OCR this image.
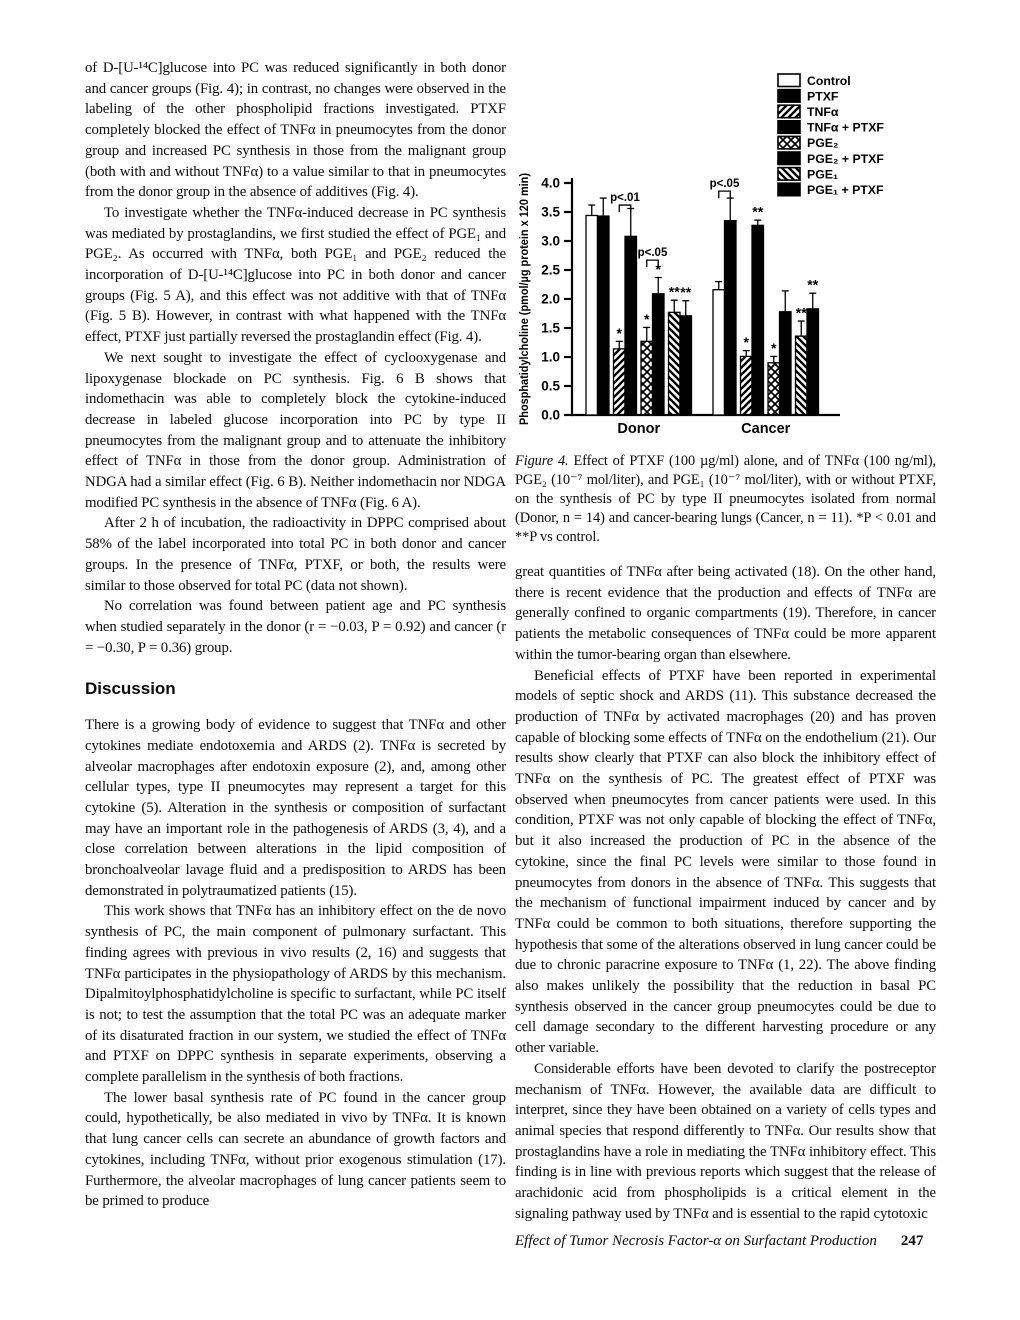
of D-[U-¹⁴C]glucose into PC was reduced significantly in both donor and cancer groups (Fig. 4); in contrast, no changes were observed in the labeling of the other phospholipid fractions investigated. PTXF completely blocked the effect of TNFα in pneumocytes from the donor group and increased PC synthesis in those from the malignant group (both with and without TNFα) to a value similar to that in pneumocytes from the donor group in the absence of additives (Fig. 4).

To investigate whether the TNFα-induced decrease in PC synthesis was mediated by prostaglandins, we first studied the effect of PGE₁ and PGE₂. As occurred with TNFα, both PGE₁ and PGE₂ reduced the incorporation of D-[U-¹⁴C]glucose into PC in both donor and cancer groups (Fig. 5 A), and this effect was not additive with that of TNFα (Fig. 5 B). However, in contrast with what happened with the TNFα effect, PTXF just partially reversed the prostaglandin effect (Fig. 4).

We next sought to investigate the effect of cyclooxygenase and lipoxygenase blockade on PC synthesis. Fig. 6 B shows that indomethacin was able to completely block the cytokine-induced decrease in labeled glucose incorporation into PC by type II pneumocytes from the malignant group and to attenuate the inhibitory effect of TNFα in those from the donor group. Administration of NDGA had a similar effect (Fig. 6 B). Neither indomethacin nor NDGA modified PC synthesis in the absence of TNFα (Fig. 6 A).

After 2 h of incubation, the radioactivity in DPPC comprised about 58% of the label incorporated into total PC in both donor and cancer groups. In the presence of TNFα, PTXF, or both, the results were similar to those observed for total PC (data not shown).

No correlation was found between patient age and PC synthesis when studied separately in the donor (r = −0.03, P = 0.92) and cancer (r = −0.30, P = 0.36) group.

Discussion

There is a growing body of evidence to suggest that TNFα and other cytokines mediate endotoxemia and ARDS (2). TNFα is secreted by alveolar macrophages after endotoxin exposure (2), and, among other cellular types, type II pneumocytes may represent a target for this cytokine (5). Alteration in the synthesis or composition of surfactant may have an important role in the pathogenesis of ARDS (3, 4), and a close correlation between alterations in the lipid composition of bronchoalveolar lavage fluid and a predisposition to ARDS has been demonstrated in polytraumatized patients (15).

This work shows that TNFα has an inhibitory effect on the de novo synthesis of PC, the main component of pulmonary surfactant. This finding agrees with previous in vivo results (2, 16) and suggests that TNFα participates in the physiopathology of ARDS by this mechanism. Dipalmitoylphosphatidylcholine is specific to surfactant, while PC itself is not; to test the assumption that the total PC was an adequate marker of its disaturated fraction in our system, we studied the effect of TNFα and PTXF on DPPC synthesis in separate experiments, observing a complete parallelism in the synthesis of both fractions.

The lower basal synthesis rate of PC found in the cancer group could, hypothetically, be also mediated in vivo by TNFα. It is known that lung cancer cells can secrete an abundance of growth factors and cytokines, including TNFα, without prior exogenous stimulation (17). Furthermore, the alveolar macrophages of lung cancer patients seem to be primed to produce

0.0
0.5
1.0
1.5
2.0
2.5
3.0
3.5
4.0
Phosphatidylcholine (pmol/µg protein x 120 min)	*
*
*
** **
Donor
*
**
*
**
**
Cancer
p<.01
p<.05
p<.05
Control
PTXF
TNFα
TNFα + PTXF
PGE₂
PGE₂ + PTXF
PGE₁
PGE₁ + PTXF

Figure 4. Effect of PTXF (100 µg/ml) alone, and of TNFα (100 ng/ml), PGE₂ (10⁻⁷ mol/liter), and PGE₁ (10⁻⁷ mol/liter), with or without PTXF, on the synthesis of PC by type II pneumocytes isolated from normal (Donor, n = 14) and cancer-bearing lungs (Cancer, n = 11). *P < 0.01 and **P vs control.

great quantities of TNFα after being activated (18). On the other hand, there is recent evidence that the production and effects of TNFα are generally confined to organic compartments (19). Therefore, in cancer patients the metabolic consequences of TNFα could be more apparent within the tumor-bearing organ than elsewhere.

Beneficial effects of PTXF have been reported in experimental models of septic shock and ARDS (11). This substance decreased the production of TNFα by activated macrophages (20) and has proven capable of blocking some effects of TNFα on the endothelium (21). Our results show clearly that PTXF can also block the inhibitory effect of TNFα on the synthesis of PC. The greatest effect of PTXF was observed when pneumocytes from cancer patients were used. In this condition, PTXF was not only capable of blocking the effect of TNFα, but it also increased the production of PC in the absence of the cytokine, since the final PC levels were similar to those found in pneumocytes from donors in the absence of TNFα. This suggests that the mechanism of functional impairment induced by cancer and by TNFα could be common to both situations, therefore supporting the hypothesis that some of the alterations observed in lung cancer could be due to chronic paracrine exposure to TNFα (1, 22). The above finding also makes unlikely the possibility that the reduction in basal PC synthesis observed in the cancer group pneumocytes could be due to cell damage secondary to the different harvesting procedure or any other variable.

Considerable efforts have been devoted to clarify the postreceptor mechanism of TNFα. However, the available data are difficult to interpret, since they have been obtained on a variety of cells types and animal species that respond differently to TNFα. Our results show that prostaglandins have a role in mediating the TNFα inhibitory effect. This finding is in line with previous reports which suggest that the release of arachidonic acid from phospholipids is a critical element in the signaling pathway used by TNFα and is essential to the rapid cytotoxic

Effect of Tumor Necrosis Factor-α on Surfactant Production 247
